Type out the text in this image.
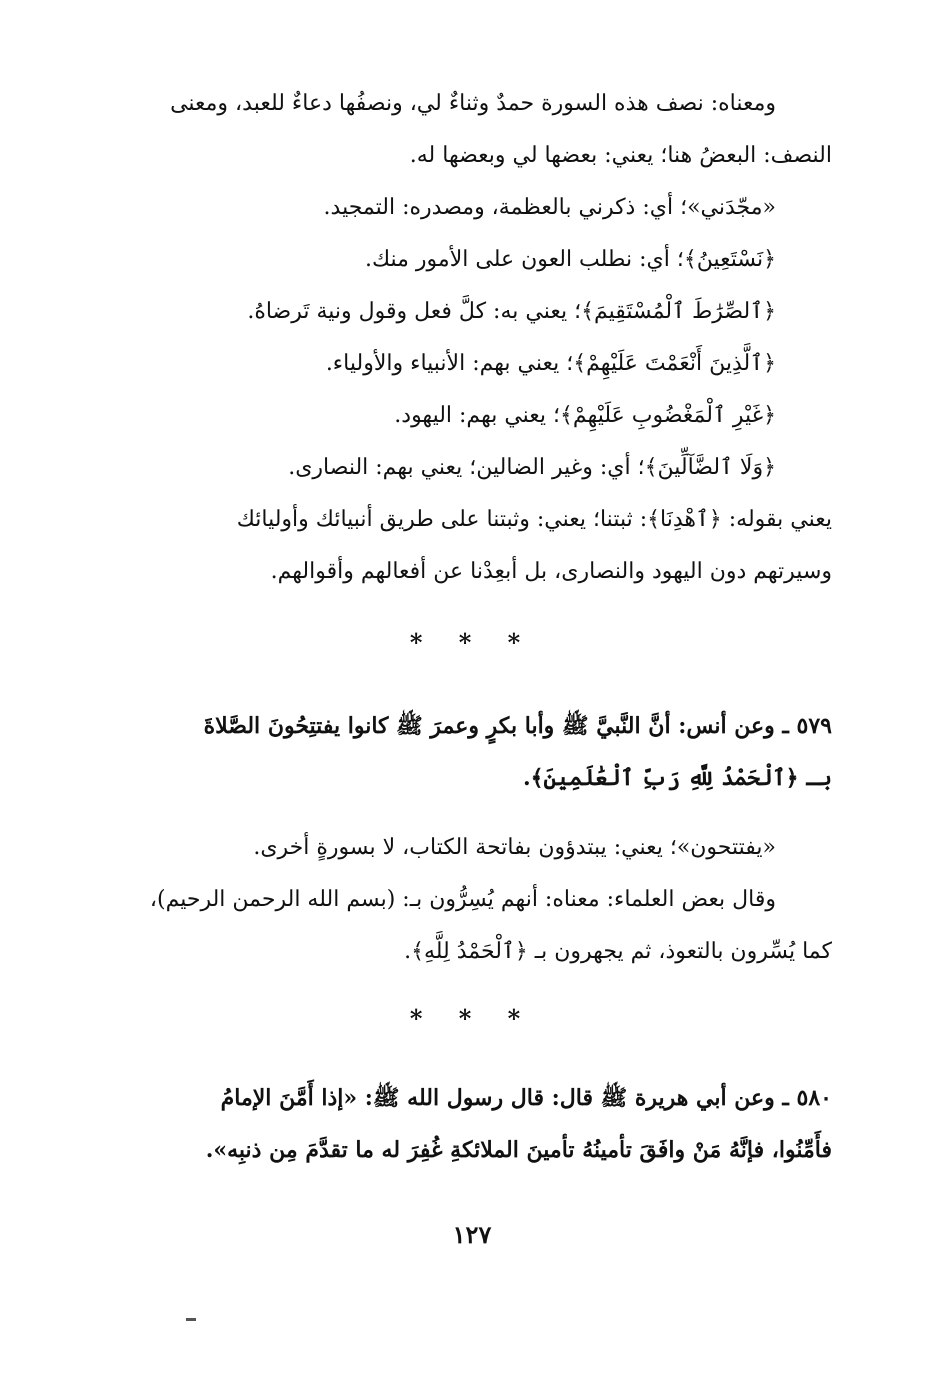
ومعناه: نصف هذه السورة حمدٌ وثناءٌ لي، ونصفُها دعاءٌ للعبد، ومعنى

النصف: البعضُ هنا؛ يعني: بعضها لي وبعضها له.

«مجّدَني»؛ أي: ذكرني بالعظمة، ومصدره: التمجيد.

﴿نَسْتَعِينُ﴾؛ أي: نطلب العون على الأمور منك.

﴿ٱلصِّرَٰطَ ٱلْمُسْتَقِيمَ﴾؛ يعني به: كلَّ فعل وقول ونية تَرضاهُ.

﴿ٱلَّذِينَ أَنْعَمْتَ عَلَيْهِمْ﴾؛ يعني بهم: الأنبياء والأولياء.

﴿غَيْرِ ٱلْمَغْضُوبِ عَلَيْهِمْ﴾؛ يعني بهم: اليهود.

﴿وَلَا ٱلضَّآلِّينَ﴾؛ أي: وغير الضالين؛ يعني بهم: النصارى.

يعني بقوله: ﴿ٱهْدِنَا﴾: ثبتنا؛ يعني: وثبتنا على طريق أنبيائك وأوليائك

وسيرتهم دون اليهود والنصارى، بل أبعِدْنا عن أفعالهم وأقوالهم.

* * *

٥٧٩ ـ وعن أنس: أنَّ النَّبيَّ ﷺ وأبا بكرٍ وعمرَ ﷺ كانوا يفتتِحُونَ الصَّلاةَ

بـ ﴿ٱلْحَمْدُ لِلَّهِ رَبِّ ٱلْعَٰلَمِينَ﴾.

«يفتتحون»؛ يعني: يبتدؤون بفاتحة الكتاب، لا بسورةٍ أخرى.

وقال بعض العلماء: معناه: أنهم يُسِرُّون بـ: (بسم الله الرحمن الرحيم)،

كما يُسِّرون بالتعوذ، ثم يجهرون بـ ﴿ٱلْحَمْدُ لِلَّهِ﴾.

* * *

٥٨٠ ـ وعن أبي هريرة ﷺ قال: قال رسول الله ﷺ: «إذا أَمَّنَ الإمامُ

فأَمِّنُوا، فإنَّهُ مَنْ وافَقَ تأمينُهُ تأمينَ الملائكةِ غُفِرَ له ما تقدَّمَ مِن ذنبِه».

١٢٧
